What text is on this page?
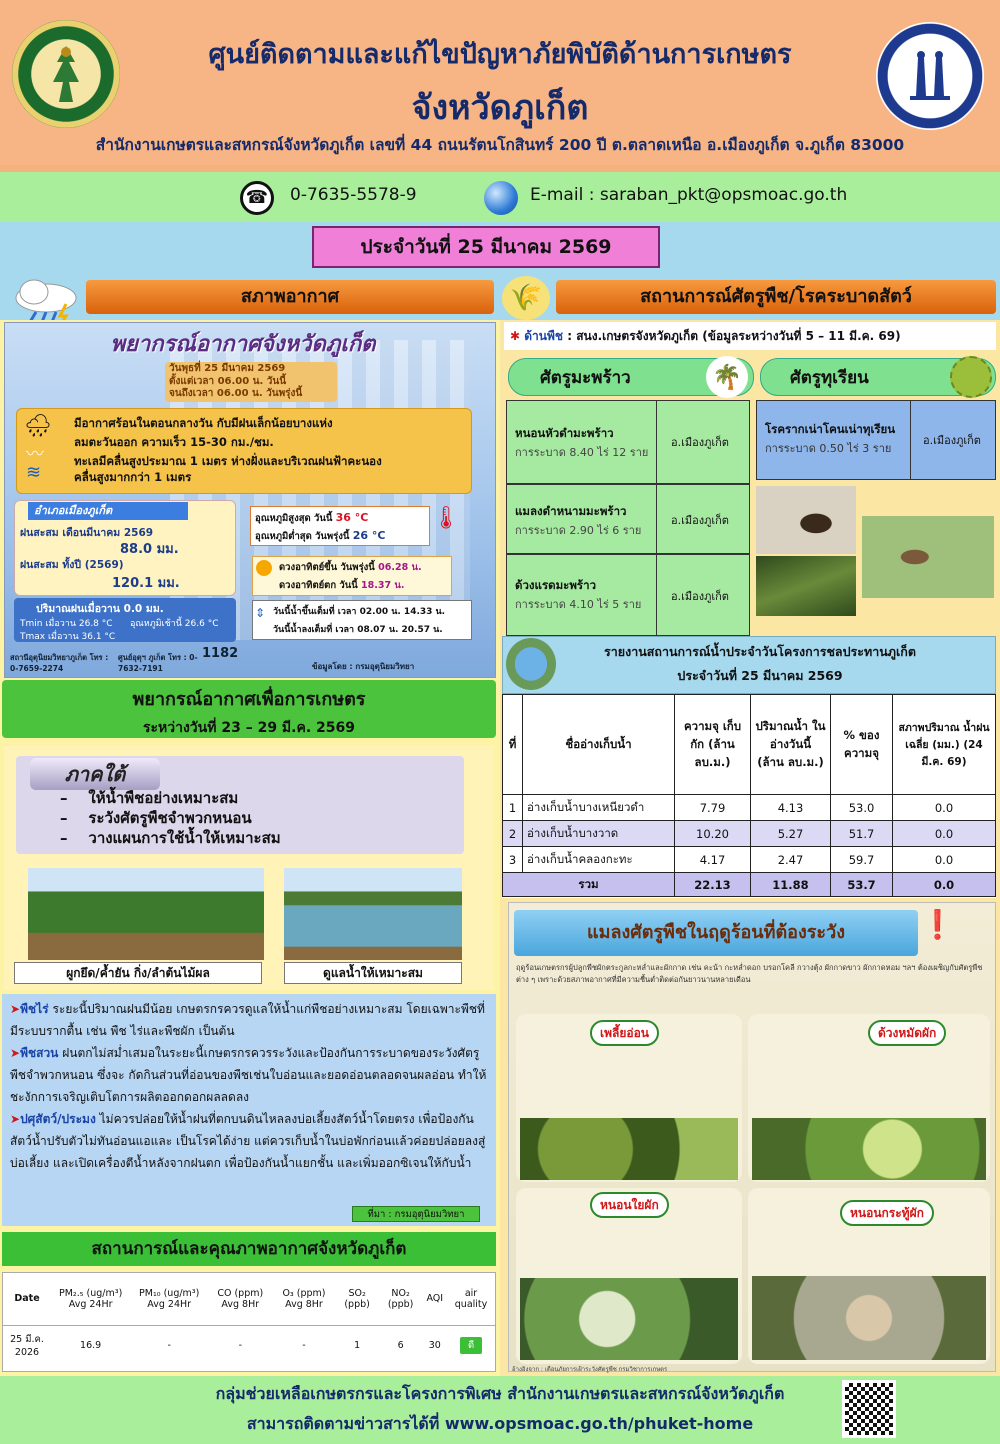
ศูนย์ติดตามและแก้ไขปัญหาภัยพิบัติด้านการเกษตร
จังหวัดภูเก็ต
สำนักงานเกษตรและสหกรณ์จังหวัดภูเก็ต เลขที่ 44 ถนนรัตนโกสินทร์ 200 ปี ต.ตลาดเหนือ อ.เมืองภูเก็ต จ.ภูเก็ต 83000
☎	0-7635-5578-9	E-mail : saraban_pkt@opsmoac.go.th
ประจำวันที่ 25 มีนาคม 2569
สภาพอากาศ	🌾	สถานการณ์ศัตรูพืช/โรคระบาดสัตว์
พยากรณ์อากาศจังหวัดภูเก็ต
วันพุธที่ 25 มีนาคม 2569
ตั้งแต่เวลา 06.00 น. วันนี้
จนถึงเวลา 06.00 น. วันพรุ่งนี้
🌧
〰
≋
มีอากาศร้อนในตอนกลางวัน กับมีฝนเล็กน้อยบางแห่ง
ลมตะวันออก ความเร็ว 15-30 กม./ชม.
ทะเลมีคลื่นสูงประมาณ 1 เมตร ห่างฝั่งและบริเวณฝนฟ้าคะนอง
คลื่นสูงมากกว่า 1 เมตร
อำเภอเมืองภูเก็ต
ฝนสะสม เดือนมีนาคม 2569
88.0 มม.
ฝนสะสม ทั้งปี (2569)
120.1 มม.
ปริมาณฝนเมื่อวาน 0.0 มม.
Tmin เมื่อวาน 26.8 °C
Tmax เมื่อวาน 36.1 °C
อุณหภูมิเช้านี้ 26.6 °C
อุณหภูมิสูงสุด วันนี้ 36 °C
อุณหภูมิต่ำสุด วันพรุ่งนี้ 26 °C
🌡
ดวงอาทิตย์ขึ้น วันพรุ่งนี้ 06.28 น.
ดวงอาทิตย์ตก วันนี้ 18.37 น.
วันนี้น้ำขึ้นเต็มที่ เวลา 02.00 น. 14.33 น.
วันนี้น้ำลงเต็มที่ เวลา 08.07 น. 20.57 น.
⇕
สถานีอุตุนิยมวิทยาภูเก็ต โทร : 0-7659-2274
ศูนย์อุตุฯ ภูเก็ต โทร : 0-7632-7191
1182
ข้อมูลโดย : กรมอุตุนิยมวิทยา
พยากรณ์อากาศเพื่อการเกษตร
ระหว่างวันที่ 23 – 29 มี.ค. 2569
ภาคใต้
–    ให้น้ำพืชอย่างเหมาะสม
–    ระวังศัตรูพืชจำพวกหนอน
–    วางแผนการใช้น้ำให้เหมาะสม
ผูกยึด/ค้ำยัน กิ่ง/ลำต้นไม้ผล	ดูแลน้ำให้เหมาะสม
➤พืชไร่ ระยะนี้ปริมาณฝนมีน้อย เกษตรกรควรดูแลให้น้ำแก่พืชอย่างเหมาะสม โดยเฉพาะพืชที่มีระบบรากตื้น เช่น พืช ไร่และพืชผัก เป็นต้น
➤พืชสวน ฝนตกไม่สม่ำเสมอในระยะนี้เกษตรกรควรระวังและป้องกันการระบาดของระวังศัตรูพืชจำพวกหนอน ซึ่งจะ กัดกินส่วนที่อ่อนของพืชเช่นใบอ่อนและยอดอ่อนตลอดจนผลอ่อน ทำให้ชะงักการเจริญเติบโตการผลิตออกดอกผลลดลง
➤ปศุสัตว์/ประมง ไม่ควรปล่อยให้น้ำฝนที่ตกบนดินไหลลงบ่อเลี้ยงสัตว์น้ำโดยตรง เพื่อป้องกันสัตว์น้ำปรับตัวไม่ทันอ่อนแอและ เป็นโรคได้ง่าย แต่ควรเก็บน้ำในบ่อพักก่อนแล้วค่อยปล่อยลงสู่บ่อเลี้ยง และเปิดเครื่องตีน้ำหลังจากฝนตก เพื่อป้องกันน้ำแยกชั้น และเพิ่มออกซิเจนให้กับน้ำ
ที่มา : กรมอุตุนิยมวิทยา
สถานการณ์และคุณภาพอากาศจังหวัดภูเก็ต
Date	PM₂.₅ (ug/m³) Avg 24Hr	PM₁₀ (ug/m³) Avg 24Hr	CO (ppm) Avg 8Hr	O₃ (ppm) Avg 8Hr	SO₂ (ppb)	NO₂ (ppb)	AQI	air quality
25 มี.ค. 2026	16.9	-	-	-	1	6	30	ดี
✱ ด้านพืช : สนง.เกษตรจังหวัดภูเก็ต (ข้อมูลระหว่างวันที่ 5 – 11 มี.ค. 69)
ศัตรูมะพร้าว	🌴	ศัตรูทุเรียน
หนอนหัวดำมะพร้าว
การระบาด 8.40 ไร่ 12 ราย
อ.เมืองภูเก็ต
แมลงดำหนามมะพร้าว
การระบาด 2.90 ไร่ 6 ราย
อ.เมืองภูเก็ต
ด้วงแรดมะพร้าว
การระบาด 4.10 ไร่ 5 ราย
อ.เมืองภูเก็ต
โรครากเน่าโคนเน่าทุเรียน
การระบาด 0.50 ไร่ 3 ราย
อ.เมืองภูเก็ต
รายงานสถานการณ์น้ำประจำวันโครงการชลประทานภูเก็ต
ประจำวันที่ 25 มีนาคม 2569
ที่	ชื่ออ่างเก็บน้ำ	ความจุ เก็บกัก (ล้าน ลบ.ม.)	ปริมาณน้ำ ในอ่างวันนี้ (ล้าน ลบ.ม.)	% ของ ความจุ	สภาพปริมาณ น้ำฝนเฉลี่ย (มม.) (24 มี.ค. 69)
1	อ่างเก็บน้ำบางเหนียวดำ	7.79	4.13	53.0	0.0
2	อ่างเก็บน้ำบางวาด	10.20	5.27	51.7	0.0
3	อ่างเก็บน้ำคลองกะทะ	4.17	2.47	59.7	0.0
รวม		22.13	11.88	53.7	0.0
แมลงศัตรูพืชในฤดูร้อนที่ต้องระวัง	❗
ฤดูร้อนเกษตรกรผู้ปลูกพืชผักตระกูลกะหล่ำและผักกาด เช่น คะน้า กะหล่ำดอก บรอกโคลี กวางตุ้ง ผักกาดขาว ผักกาดหอม ฯลฯ ต้องเผชิญกับศัตรูพืชต่าง ๆ เพราะด้วยสภาพอากาศที่มีความชื้นต่ำติดต่อกันยาวนานหลายเดือน
เพลี้ยอ่อน	ด้วงหมัดผัก
หนอนใยผัก
หนอนกระทู้ผัก
อ้างอิงจาก : เตือนภัยการเฝ้าระวังศัตรูพืช กรมวิชาการเกษตร
กลุ่มช่วยเหลือเกษตรกรและโครงการพิเศษ สำนักงานเกษตรและสหกรณ์จังหวัดภูเก็ต
สามารถติดตามข่าวสารได้ที่ www.opsmoac.go.th/phuket-home
